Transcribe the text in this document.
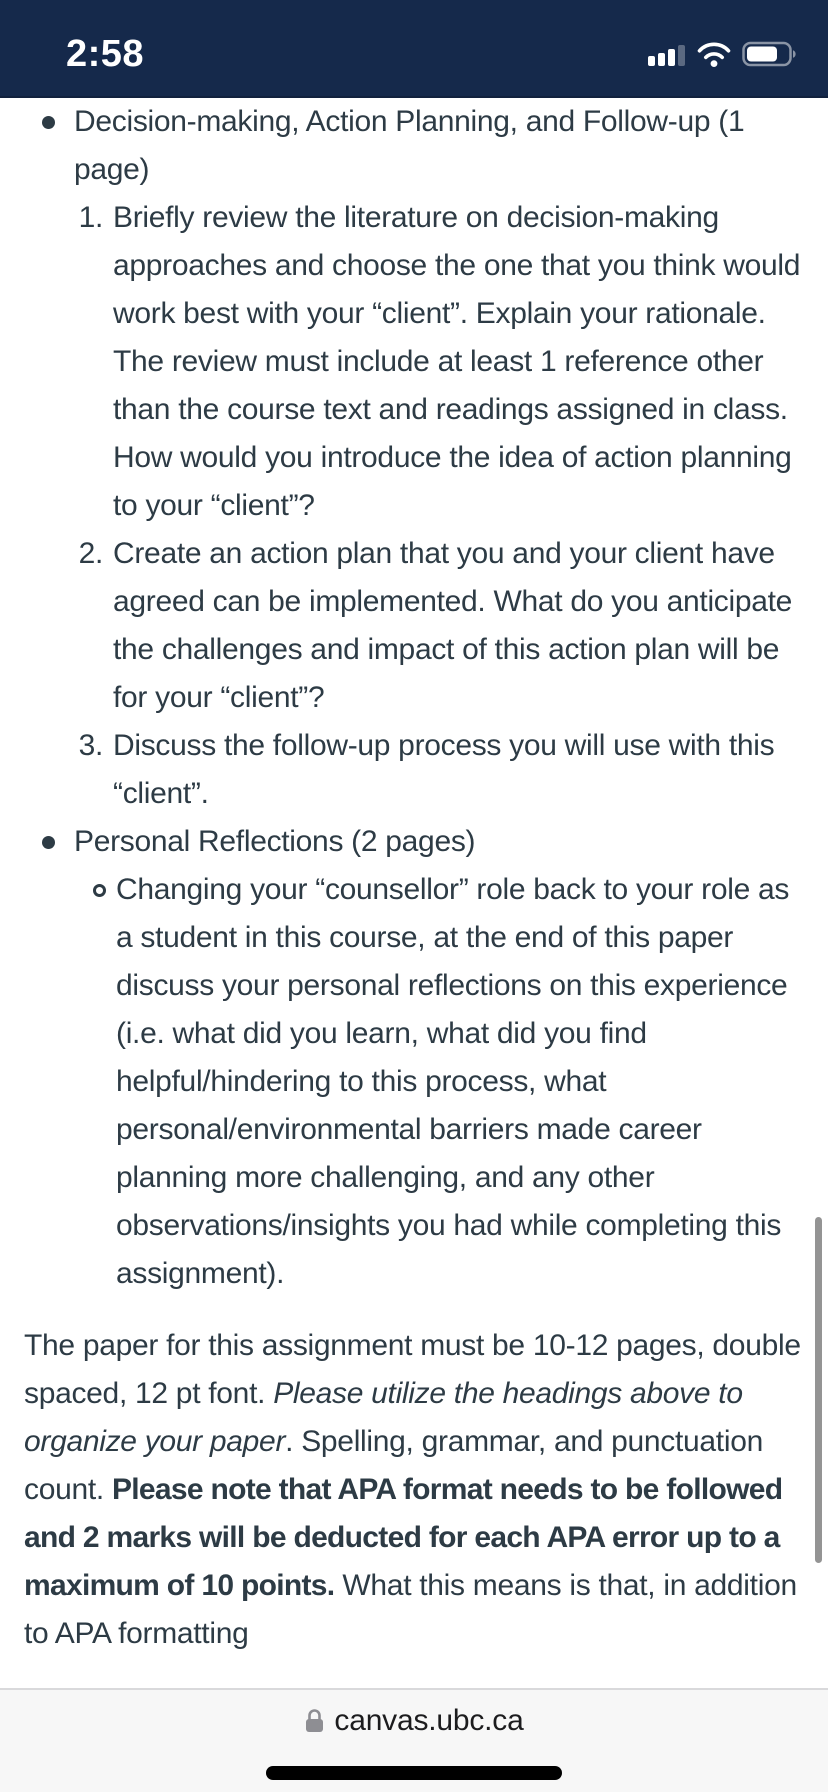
2:58
Decision-making, Action Planning, and Follow-up (1 page)
1. Briefly review the literature on decision-making approaches and choose the one that you think would work best with your “client”. Explain your rationale. The review must include at least 1 reference other than the course text and readings assigned in class. How would you introduce the idea of action planning to your “client”?
2. Create an action plan that you and your client have agreed can be implemented. What do you anticipate the challenges and impact of this action plan will be for your “client”?
3. Discuss the follow-up process you will use with this “client”.
Personal Reflections (2 pages)
Changing your “counsellor” role back to your role as a student in this course, at the end of this paper discuss your personal reflections on this experience (i.e. what did you learn, what did you find helpful/hindering to this process, what personal/environmental barriers made career planning more challenging, and any other observations/insights you had while completing this assignment).

The paper for this assignment must be 10-12 pages, double spaced, 12 pt font. Please utilize the headings above to organize your paper. Spelling, grammar, and punctuation count. Please note that APA format needs to be followed and 2 marks will be deducted for each APA error up to a maximum of 10 points. What this means is that, in addition to APA formatting

canvas.ubc.ca
